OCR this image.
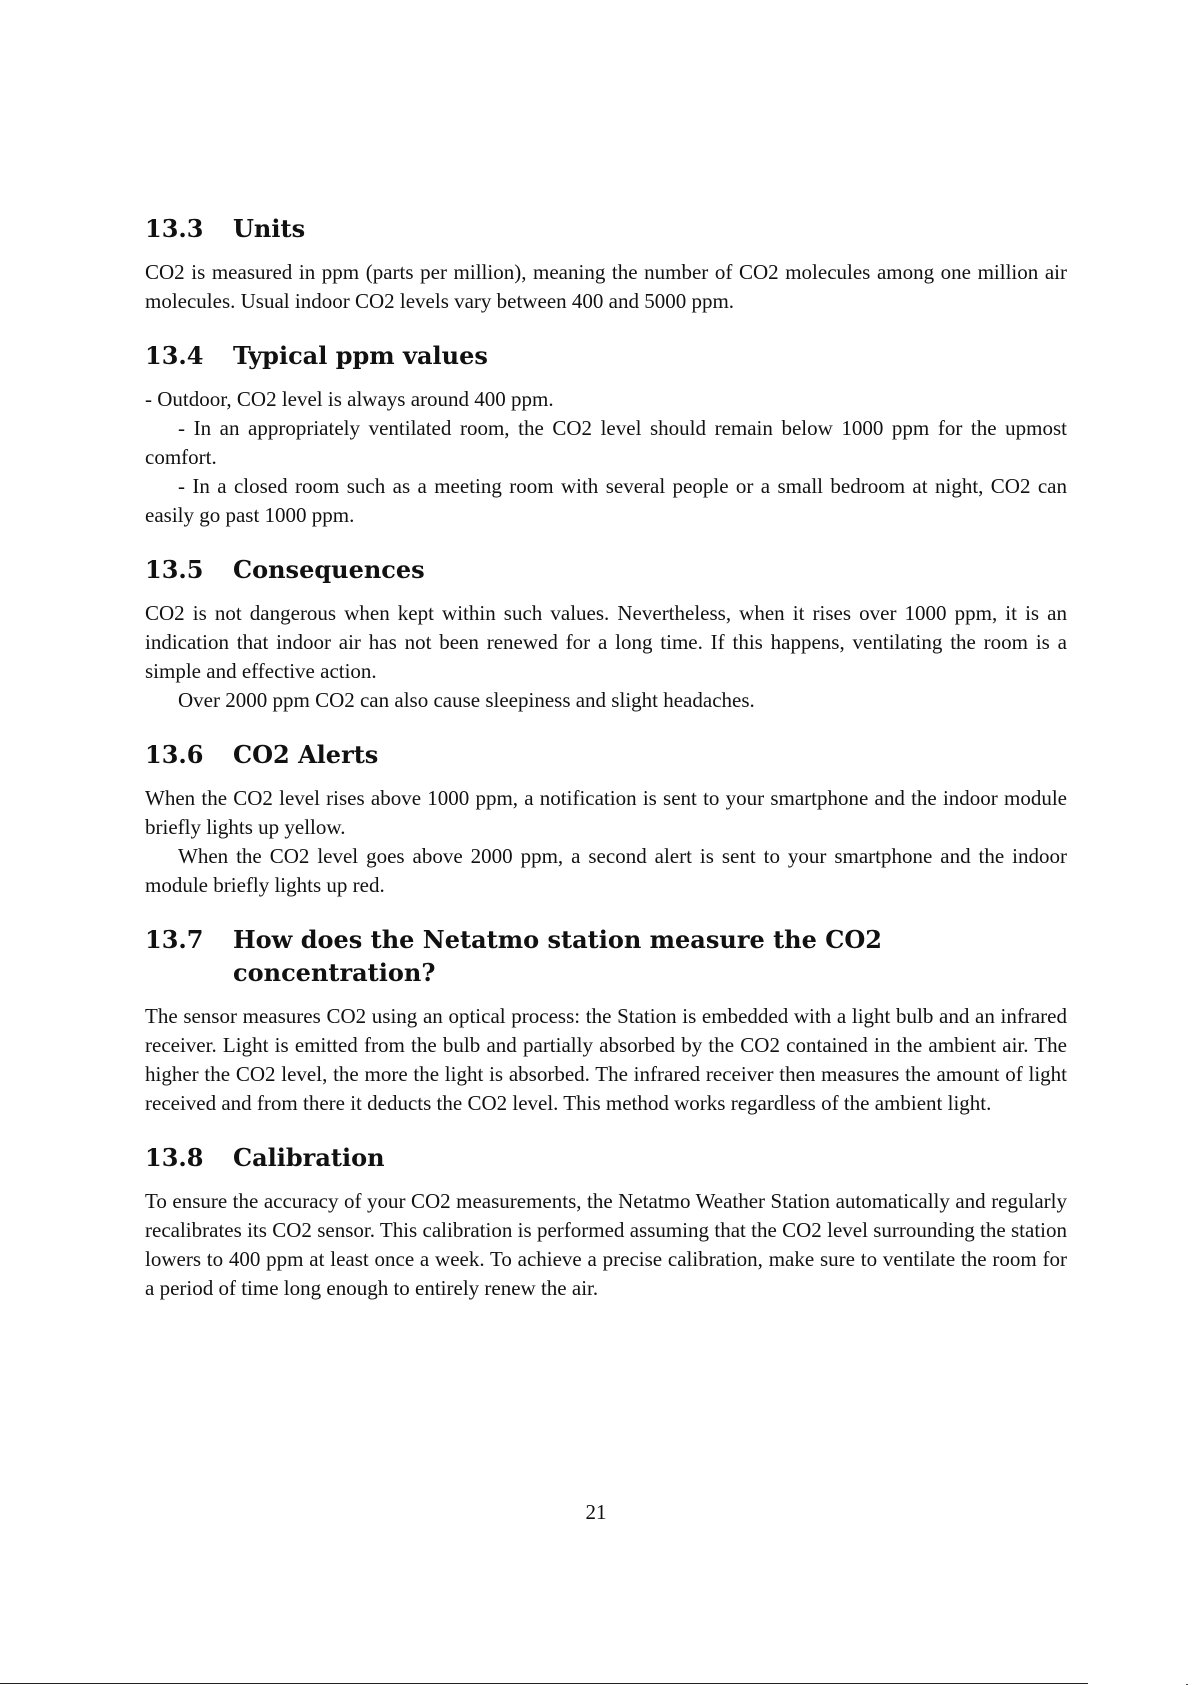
13.3	Units

CO2 is measured in ppm (parts per million), meaning the number of CO2 molecules among one million air molecules. Usual indoor CO2 levels vary between 400 and 5000 ppm.

13.4	Typical ppm values

- Outdoor, CO2 level is always around 400 ppm.

- In an appropriately ventilated room, the CO2 level should remain below 1000 ppm for the upmost comfort.

- In a closed room such as a meeting room with several people or a small bedroom at night, CO2 can easily go past 1000 ppm.

13.5	Consequences

CO2 is not dangerous when kept within such values. Nevertheless, when it rises over 1000 ppm, it is an indication that indoor air has not been renewed for a long time. If this happens, ventilating the room is a simple and effective action.

Over 2000 ppm CO2 can also cause sleepiness and slight headaches.

13.6	CO2 Alerts

When the CO2 level rises above 1000 ppm, a notification is sent to your smartphone and the indoor module briefly lights up yellow.

When the CO2 level goes above 2000 ppm, a second alert is sent to your smartphone and the indoor module briefly lights up red.

13.7	How does the Netatmo station measure the CO2 concentration?

The sensor measures CO2 using an optical process: the Station is embedded with a light bulb and an infrared receiver. Light is emitted from the bulb and partially absorbed by the CO2 contained in the ambient air. The higher the CO2 level, the more the light is absorbed. The infrared receiver then measures the amount of light received and from there it deducts the CO2 level. This method works regardless of the ambient light.

13.8	Calibration

To ensure the accuracy of your CO2 measurements, the Netatmo Weather Station automatically and regularly recalibrates its CO2 sensor. This calibration is performed assuming that the CO2 level surrounding the station lowers to 400 ppm at least once a week. To achieve a precise calibration, make sure to ventilate the room for a period of time long enough to entirely renew the air.

21
